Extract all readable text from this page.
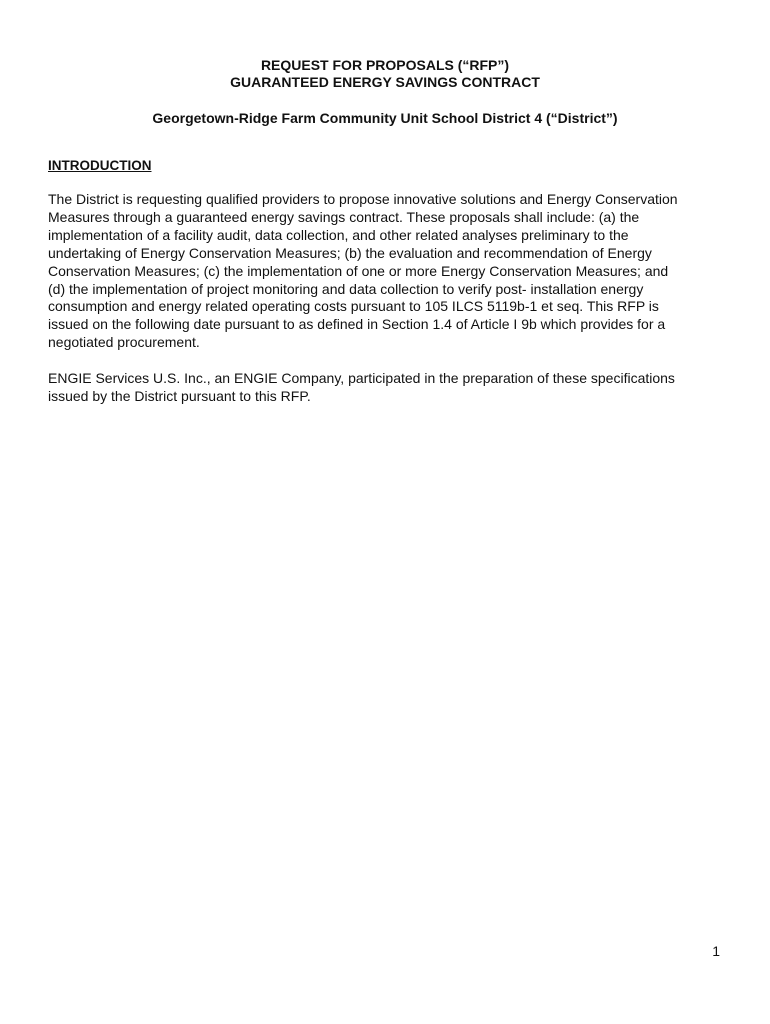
REQUEST FOR PROPOSALS (“RFP”)
GUARANTEED ENERGY SAVINGS CONTRACT
Georgetown-Ridge Farm Community Unit School District 4 (“District”)
INTRODUCTION
The District is requesting qualified providers to propose innovative solutions and Energy Conservation
Measures through a guaranteed energy savings contract. These proposals shall include: (a) the
implementation of a facility audit, data collection, and other related analyses preliminary to the
undertaking of Energy Conservation Measures; (b) the evaluation and recommendation of Energy
Conservation Measures; (c) the implementation of one or more Energy Conservation Measures; and
(d) the implementation of project monitoring and data collection to verify post- installation energy
consumption and energy related operating costs pursuant to 105 ILCS 5119b-1 et seq. This RFP is
issued on the following date pursuant to as defined in Section 1.4 of Article I 9b which provides for a
negotiated procurement.
ENGIE Services U.S. Inc., an ENGIE Company, participated in the preparation of these specifications
issued by the District pursuant to this RFP.
1
